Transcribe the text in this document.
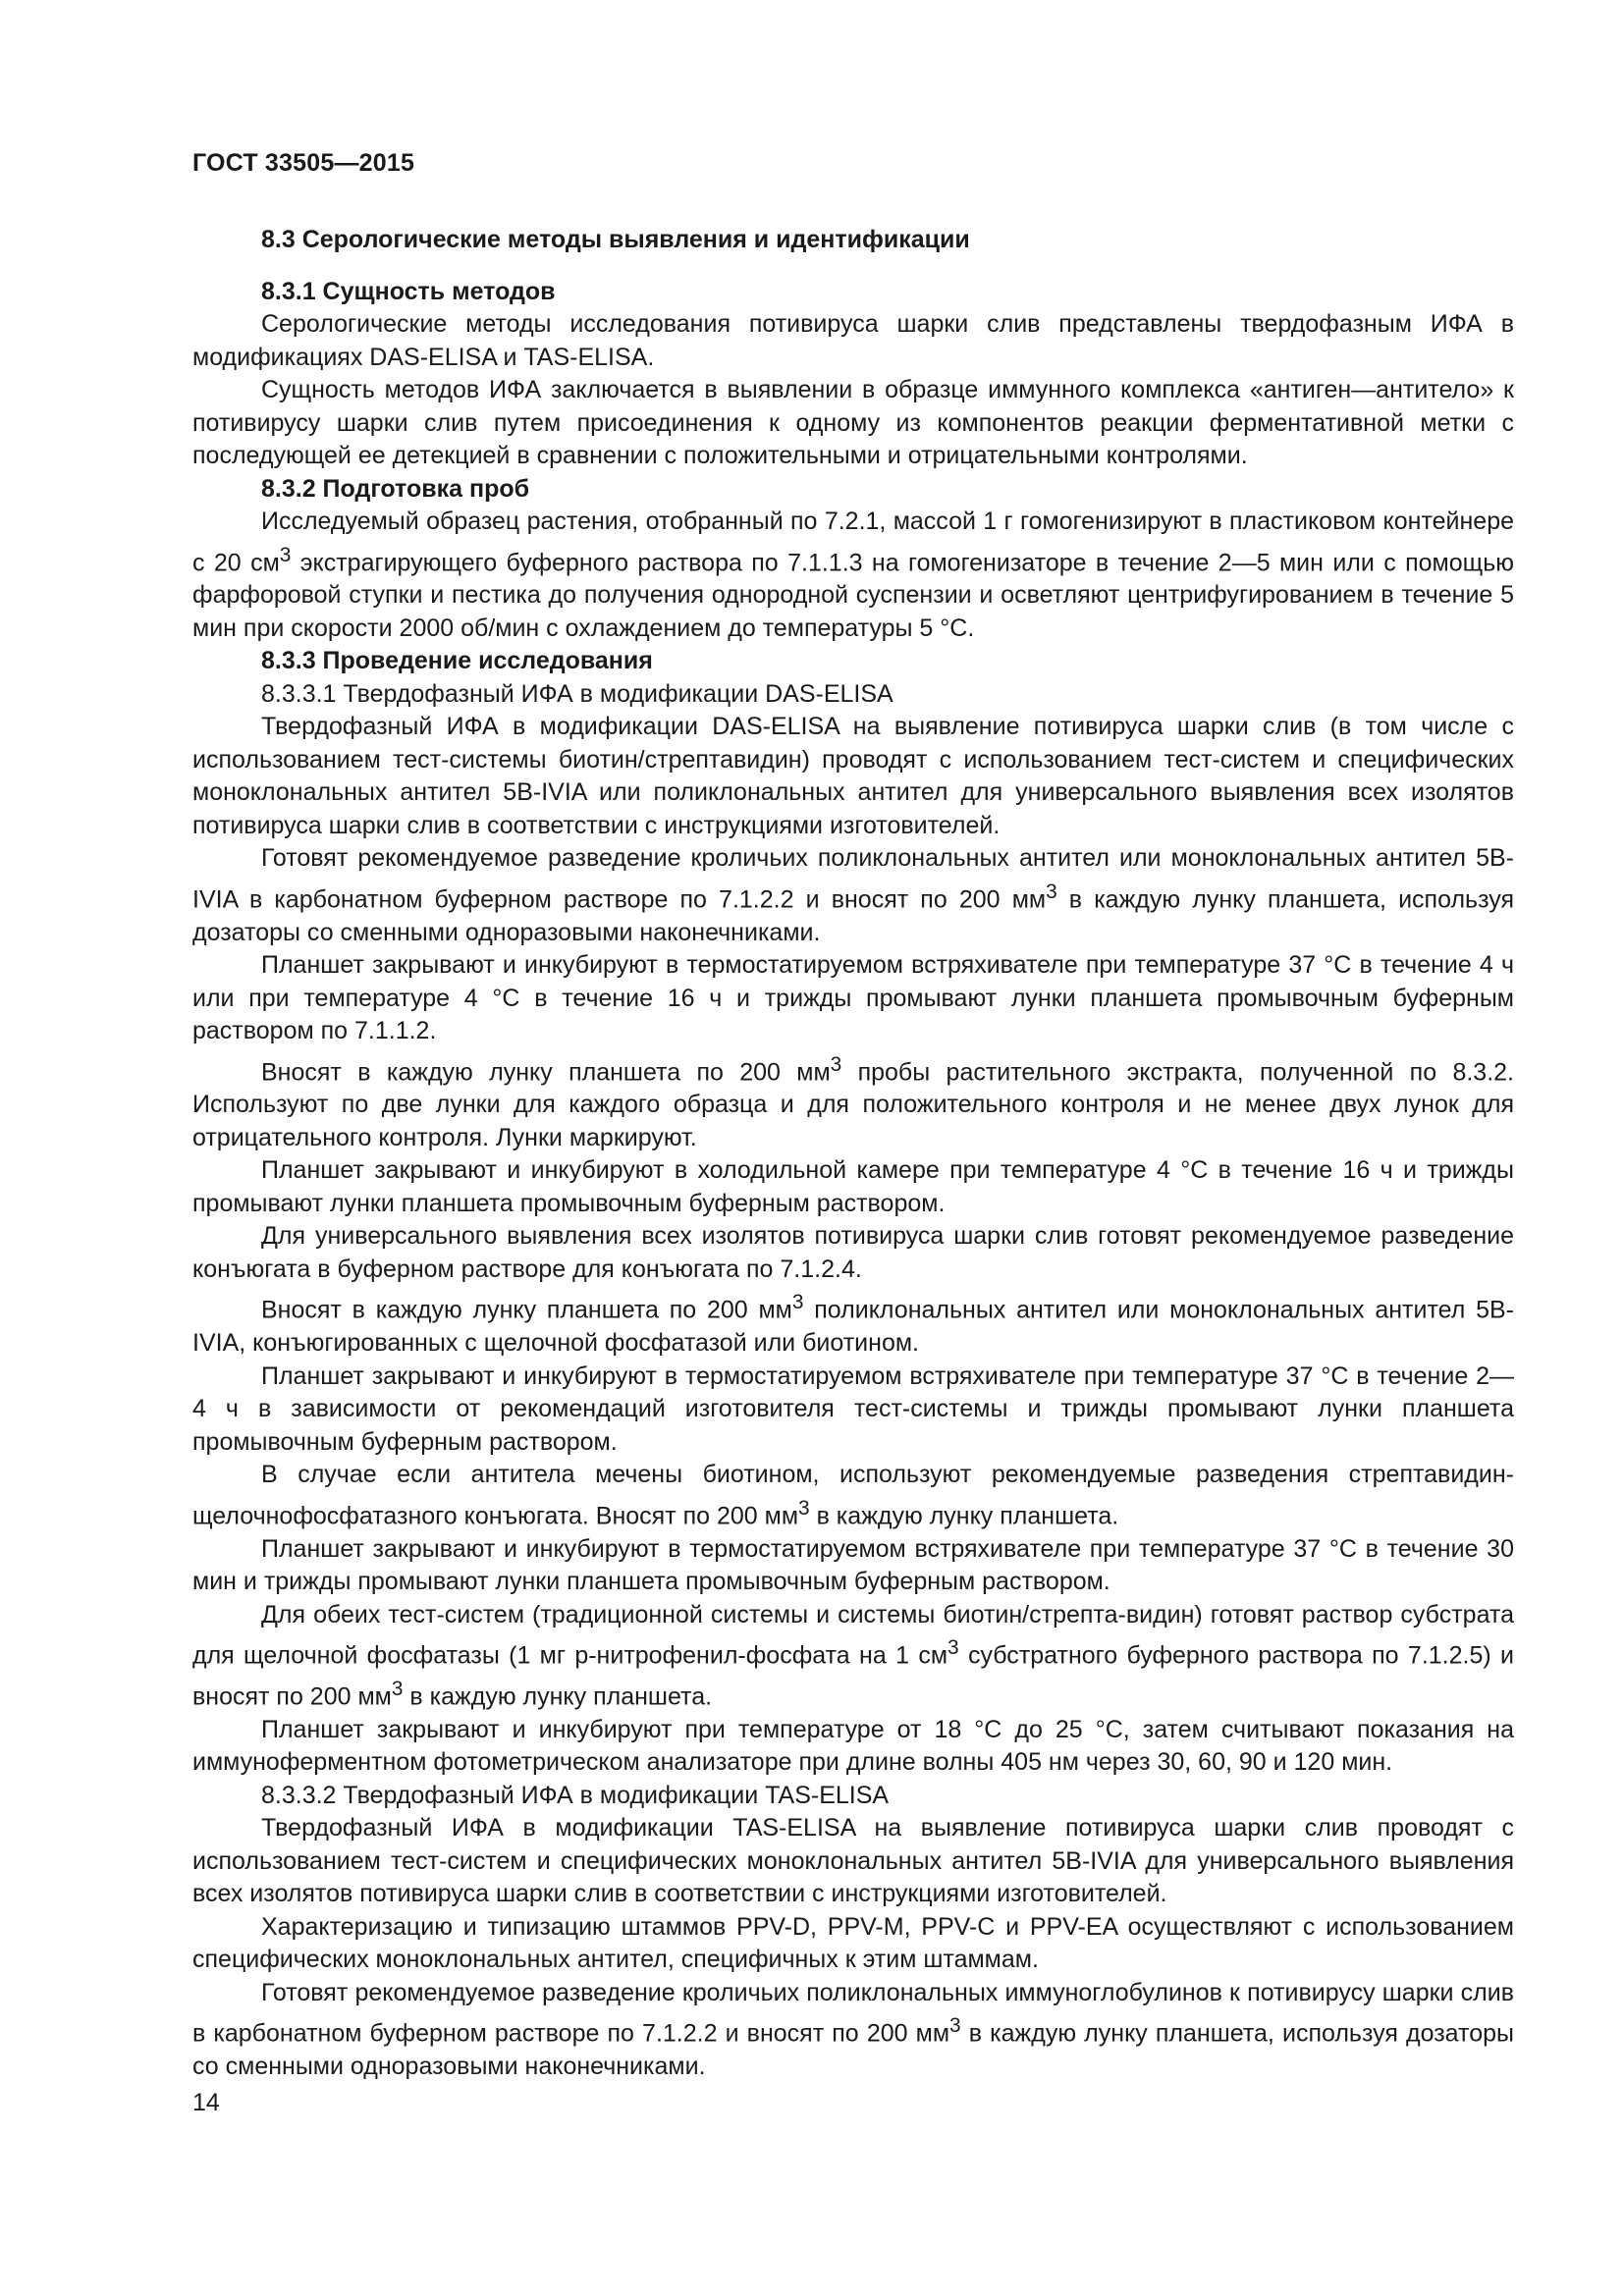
ГОСТ 33505—2015

8.3 Серологические методы выявления и идентификации

8.3.1 Сущность методов

Серологические методы исследования потивируса шарки слив представлены твердофазным ИФА в модификациях DAS-ELISA и TAS-ELISA.

Сущность методов ИФА заключается в выявлении в образце иммунного комплекса «антиген—антитело» к потивирусу шарки слив путем присоединения к одному из компонентов реакции ферментативной метки с последующей ее детекцией в сравнении с положительными и отрицательными контролями.

8.3.2 Подготовка проб

Исследуемый образец растения, отобранный по 7.2.1, массой 1 г гомогенизируют в пластиковом контейнере с 20 $см^3$ экстрагирующего буферного раствора по 7.1.1.3 на гомогенизаторе в течение 2—5 мин или с помощью фарфоровой ступки и пестика до получения однородной суспензии и осветляют центрифугированием в течение 5 мин при скорости 2000 об/мин с охлаждением до температуры 5 °С.

8.3.3 Проведение исследования

8.3.3.1 Твердофазный ИФА в модификации DAS-ELISA

Твердофазный ИФА в модификации DAS-ELISA на выявление потивируса шарки слив (в том числе с использованием тест-системы биотин/стрептавидин) проводят с использованием тест-систем и специфических моноклональных антител 5B-IVIA или поликлональных антител для универсального выявления всех изолятов потивируса шарки слив в соответствии с инструкциями изготовителей.

Готовят рекомендуемое разведение кроличьих поликлональных антител или моноклональных антител 5B-IVIA в карбонатном буферном растворе по 7.1.2.2 и вносят по 200 $мм^3$ в каждую лунку планшета, используя дозаторы со сменными одноразовыми наконечниками.

Планшет закрывают и инкубируют в термостатируемом встряхивателе при температуре 37 °С в течение 4 ч или при температуре 4 °С в течение 16 ч и трижды промывают лунки планшета промывочным буферным раствором по 7.1.1.2.

Вносят в каждую лунку планшета по 200 $мм^3$ пробы растительного экстракта, полученной по 8.3.2. Используют по две лунки для каждого образца и для положительного контроля и не менее двух лунок для отрицательного контроля. Лунки маркируют.

Планшет закрывают и инкубируют в холодильной камере при температуре 4 °С в течение 16 ч и трижды промывают лунки планшета промывочным буферным раствором.

Для универсального выявления всех изолятов потивируса шарки слив готовят рекомендуемое разведение конъюгата в буферном растворе для конъюгата по 7.1.2.4.

Вносят в каждую лунку планшета по 200 $мм^3$ поликлональных антител или моноклональных антител 5B-IVIA, конъюгированных с щелочной фосфатазой или биотином.

Планшет закрывают и инкубируют в термостатируемом встряхивателе при температуре 37 °С в течение 2—4 ч в зависимости от рекомендаций изготовителя тест-системы и трижды промывают лунки планшета промывочным буферным раствором.

В случае если антитела мечены биотином, используют рекомендуемые разведения стрептавидин-щелочнофосфатазного конъюгата. Вносят по 200 $мм^3$ в каждую лунку планшета.

Планшет закрывают и инкубируют в термостатируемом встряхивателе при температуре 37 °С в течение 30 мин и трижды промывают лунки планшета промывочным буферным раствором.

Для обеих тест-систем (традиционной системы и системы биотин/стрепта-видин) готовят раствор субстрата для щелочной фосфатазы (1 мг р-нитрофенил-фосфата на 1 $см^3$ субстратного буферного раствора по 7.1.2.5) и вносят по 200 $мм^3$ в каждую лунку планшета.

Планшет закрывают и инкубируют при температуре от 18 °С до 25 °С, затем считывают показания на иммуноферментном фотометрическом анализаторе при длине волны 405 нм через 30, 60, 90 и 120 мин.

8.3.3.2 Твердофазный ИФА в модификации TAS-ELISA

Твердофазный ИФА в модификации TAS-ELISA на выявление потивируса шарки слив проводят с использованием тест-систем и специфических моноклональных антител 5B-IVIA для универсального выявления всех изолятов потивируса шарки слив в соответствии с инструкциями изготовителей.

Характеризацию и типизацию штаммов PPV-D, PPV-M, PPV-C и PPV-EA осуществляют с использованием специфических моноклональных антител, специфичных к этим штаммам.

Готовят рекомендуемое разведение кроличьих поликлональных иммуноглобулинов к потивирусу шарки слив в карбонатном буферном растворе по 7.1.2.2 и вносят по 200 $мм^3$ в каждую лунку планшета, используя дозаторы со сменными одноразовыми наконечниками.

14
